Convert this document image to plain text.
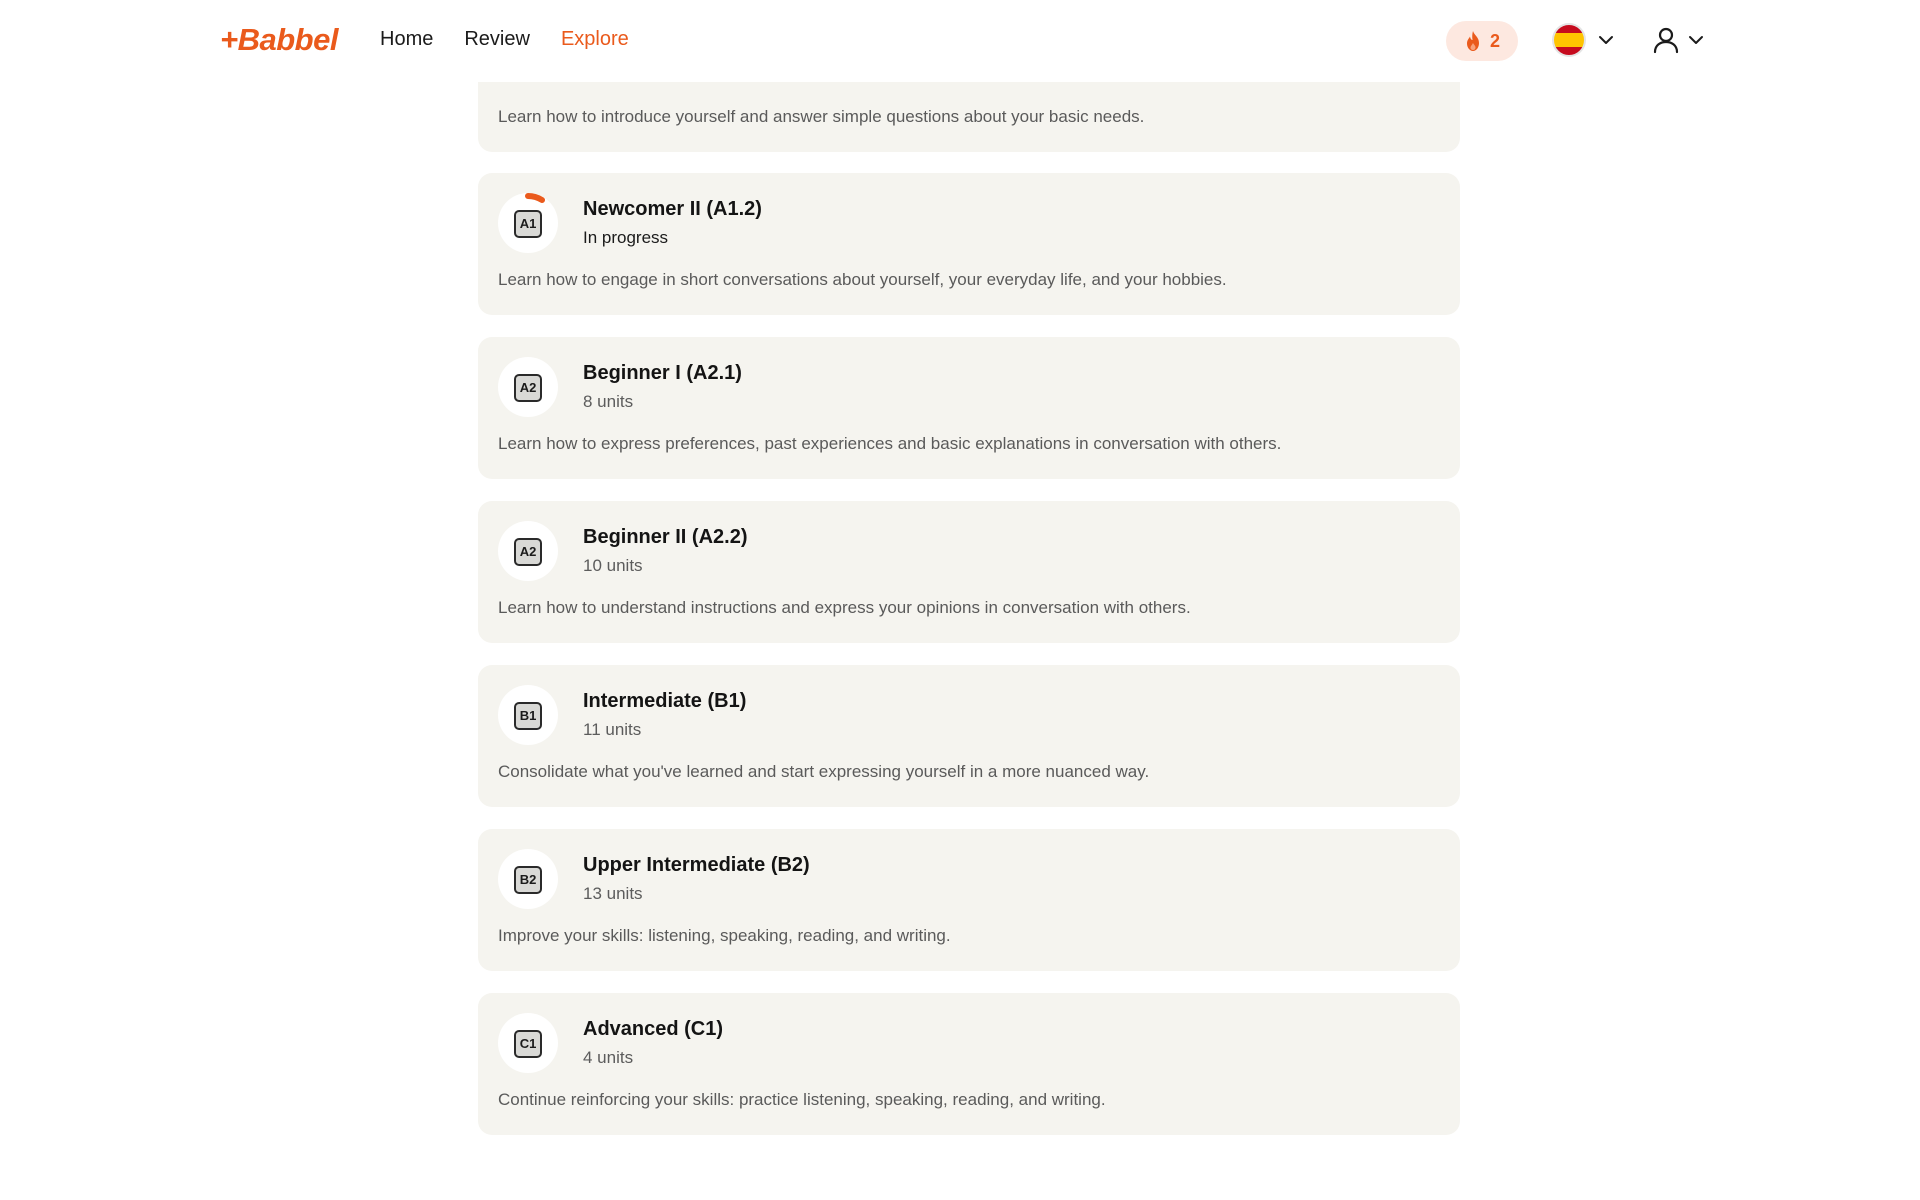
Learn how to introduce yourself and answer simple questions about your basic needs.
A1
Newcomer II (A1.2)
In progress
Learn how to engage in short conversations about yourself, your everyday life, and your hobbies.
A2
Beginner I (A2.1)
8 units
Learn how to express preferences, past experiences and basic explanations in conversation with others.
A2
Beginner II (A2.2)
10 units
Learn how to understand instructions and express your opinions in conversation with others.
B1
Intermediate (B1)
11 units
Consolidate what you've learned and start expressing yourself in a more nuanced way.
B2
Upper Intermediate (B2)
13 units
Improve your skills: listening, speaking, reading, and writing.
C1
Advanced (C1)
4 units
Continue reinforcing your skills: practice listening, speaking, reading, and writing.
+Babbel Home Review Explore	2
